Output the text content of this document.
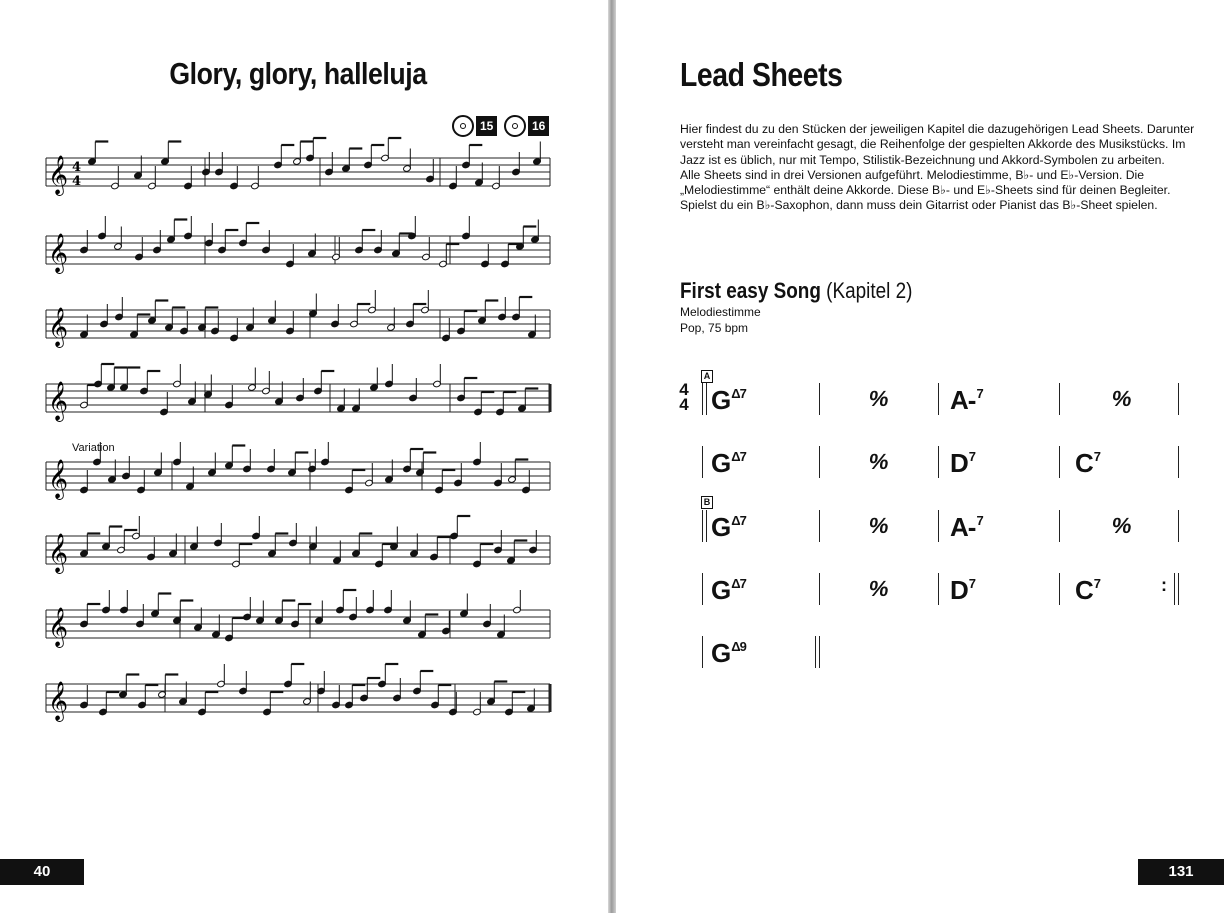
Glory, glory, halleluja
15	16
Variation
𝄞 4
4
𝄞
𝄞
𝄞
𝄞
𝄞
𝄞
𝄞
40
Lead Sheets

Hier findest du zu den Stücken der jeweiligen Kapitel die dazugehörigen Lead Sheets. Darunter versteht man vereinfacht gesagt, die Reihenfolge der gespielten Akkorde des Musikstücks. Im Jazz ist es üblich, nur mit Tempo, Stilistik-Bezeichnung und Akkord-Symbolen zu arbeiten.

Alle Sheets sind in drei Versionen aufgeführt. Melodiestimme, B♭- und E♭-Version. Die „Melodiestimme“ enthält deine Akkorde. Diese B♭- und E♭-Sheets sind für deinen Begleiter. Spielst du ein B♭-Saxophon, dann muss dein Gitarrist oder Pianist das B♭-Sheet spielen.

First easy Song (Kapitel 2)
Melodiestimme
Pop, 75 bpm
4
4
A
B
:
$G^{\Delta 7}$	% A-$^7$	%
$G^{\Delta 7}$	% $D^7$	$C^7$
$G^{\Delta 7}$	% A-$^7$	%
$G^{\Delta 7}$	% $D^7$	$C^7$
$G^{\Delta 9}$
131
